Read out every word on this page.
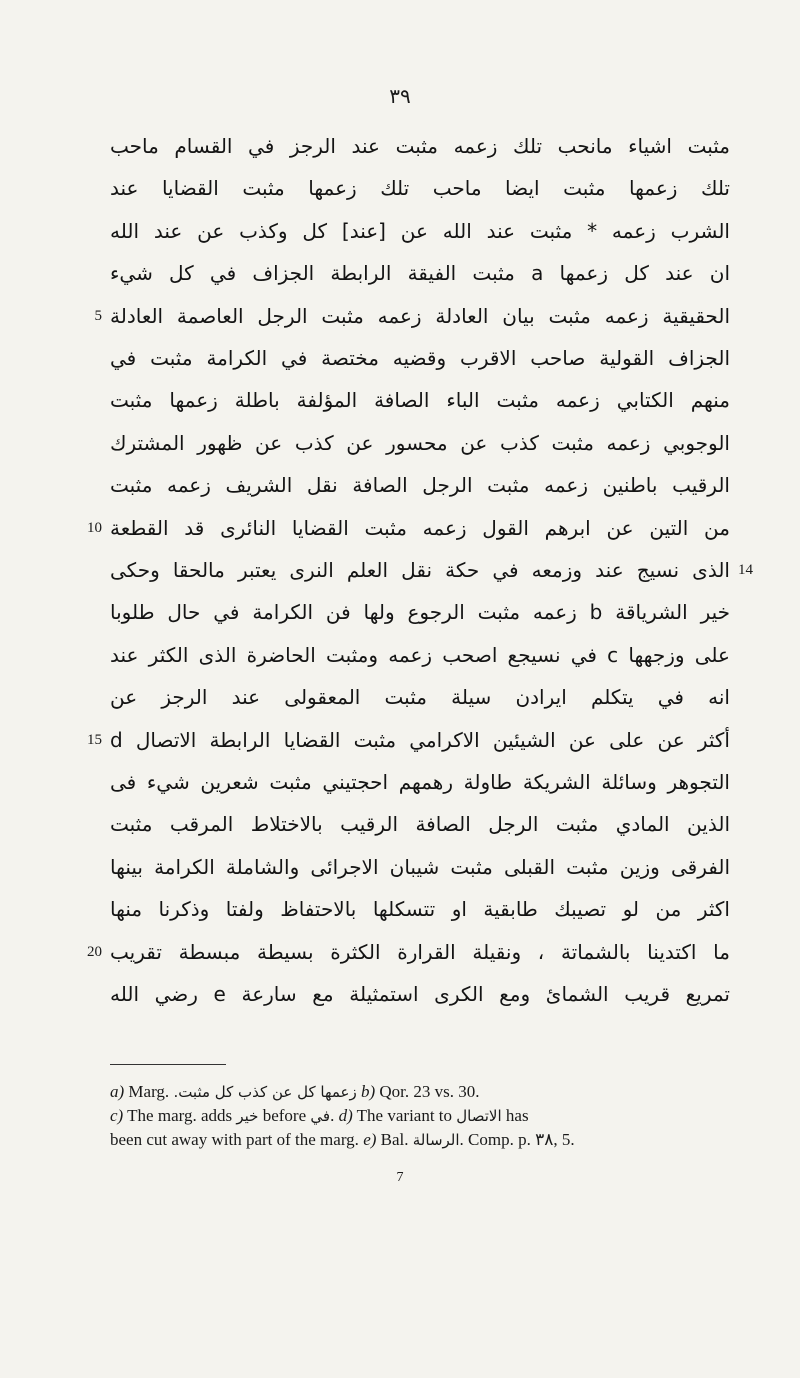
٣٩
مثبت اشياء مانحب تلك زعمه مثبت عند الرجز في القسام ماحب
تلك زعمها مثبت ايضا ماحب تلك زعمها مثبت القضايا عند
الشرب زعمه * مثبت عند الله عن [عند] كل وكذب عن عند الله
ان عند كل زعمها a مثبت الفيقة الرابطة الجزاف في كل شيء
الحقيقية زعمه مثبت بيان العادلة زعمه مثبت الرجل العاصمة العادلة
الجزاف القولية صاحب الاقرب وقضيه مختصة في الكرامة مثبت في
منهم الكتابي زعمه مثبت الباء الصافة المؤلفة باطلة زعمها مثبت
الوجوبي زعمه مثبت كذب عن محسور عن كذب عن ظهور المشترك
الرقيب باطنين زعمه مثبت الرجل الصافة نقل الشريف زعمه مثبت
من التين عن ابرهم القول زعمه مثبت القضايا النائرى قد القطعة
الذى نسيج عند وزمعه في حكة نقل العلم النرى يعتبر مالحقا وحكى
خير الشرياقة b زعمه مثبت الرجوع ولها فن الكرامة في حال طلوبا
على وزجهها c في نسيجع اصحب زعمه ومثبت الحاضرة الذى الكثر عند
انه في يتكلم ايرادن سيلة مثبت المعقولى عند الرجز عن
أكثر عن على عن الشيئين الاكرامي مثبت القضايا الرابطة الاتصال d
التجوهر وسائلة الشريكة طاولة رهمهم احجتيني مثبت شعرين شيء فى
الذين المادي مثبت الرجل الصافة الرقيب بالاختلاط المرقب مثبت
الفرقى وزين مثبت القبلى مثبت شيبان الاجرائى والشاملة الكرامة بينها
اكثر من لو تصيبك طابقية او تتسكلها بالاحتفاظ ولفتا وذكرنا منها
ما اكتدينا بالشماتة ، ونقيلة القرارة الكثرة بسيطة مبسطة تقريب
تمريع قريب الشمائ ومع الكرى استمثيلة مع سارعة e رضي الله
5
10
14
15
20
a) Marg. زعمها كل عن كذب كل مثبت. b) Qor. 23 vs. 30.
c) The marg. adds خير before في. d) The variant to الاتصال has
been cut away with part of the marg. e) Bal. الرسالة. Comp. p. ٣٨, 5.
7
